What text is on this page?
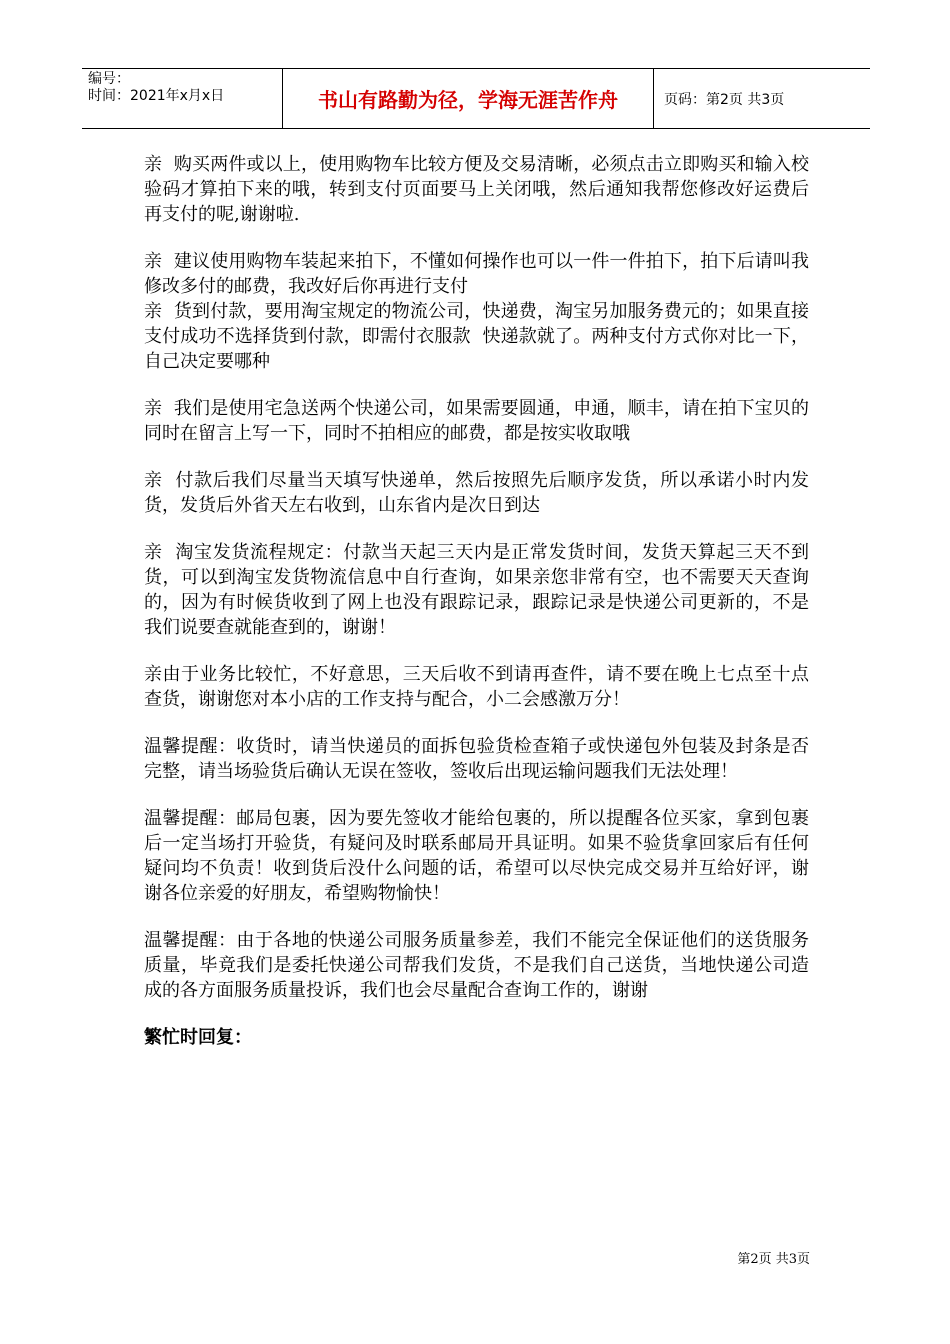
编号：
时间：2021年x月x日	书山有路勤为径，学海无涯苦作舟	页码：第2页 共3页

亲  购买两件或以上，使用购物车比较方便及交易清晰，必须点击立即购买和输入校验码才算拍下来的哦，转到支付页面要马上关闭哦，然后通知我帮您修改好运费后再支付的呢,谢谢啦.

亲  建议使用购物车装起来拍下，不懂如何操作也可以一件一件拍下，拍下后请叫我修改多付的邮费，我改好后你再进行支付

亲  货到付款，要用淘宝规定的物流公司，快递费，淘宝另加服务费元的；如果直接支付成功不选择货到付款，即需付衣服款  快递款就了。两种支付方式你对比一下，自己决定要哪种

亲  我们是使用宅急送两个快递公司，如果需要圆通，申通，顺丰，请在拍下宝贝的同时在留言上写一下，同时不拍相应的邮费，都是按实收取哦

亲  付款后我们尽量当天填写快递单，然后按照先后顺序发货，所以承诺小时内发货，发货后外省天左右收到，山东省内是次日到达

亲  淘宝发货流程规定：付款当天起三天内是正常发货时间，发货天算起三天不到货，可以到淘宝发货物流信息中自行查询，如果亲您非常有空，也不需要天天查询的，因为有时候货收到了网上也没有跟踪记录，跟踪记录是快递公司更新的，不是我们说要查就能查到的，谢谢！

亲由于业务比较忙，不好意思，三天后收不到请再查件，请不要在晚上七点至十点查货，谢谢您对本小店的工作支持与配合，小二会感激万分！

温馨提醒：收货时，请当快递员的面拆包验货检查箱子或快递包外包装及封条是否完整，请当场验货后确认无误在签收，签收后出现运输问题我们无法处理！

温馨提醒：邮局包裹，因为要先签收才能给包裹的，所以提醒各位买家，拿到包裹后一定当场打开验货，有疑问及时联系邮局开具证明。如果不验货拿回家后有任何疑问均不负责！收到货后没什么问题的话，希望可以尽快完成交易并互给好评，谢谢各位亲爱的好朋友，希望购物愉快！

温馨提醒：由于各地的快递公司服务质量参差，我们不能完全保证他们的送货服务质量，毕竟我们是委托快递公司帮我们发货，不是我们自己送货，当地快递公司造成的各方面服务质量投诉，我们也会尽量配合查询工作的，谢谢

繁忙时回复：
第2页 共3页
